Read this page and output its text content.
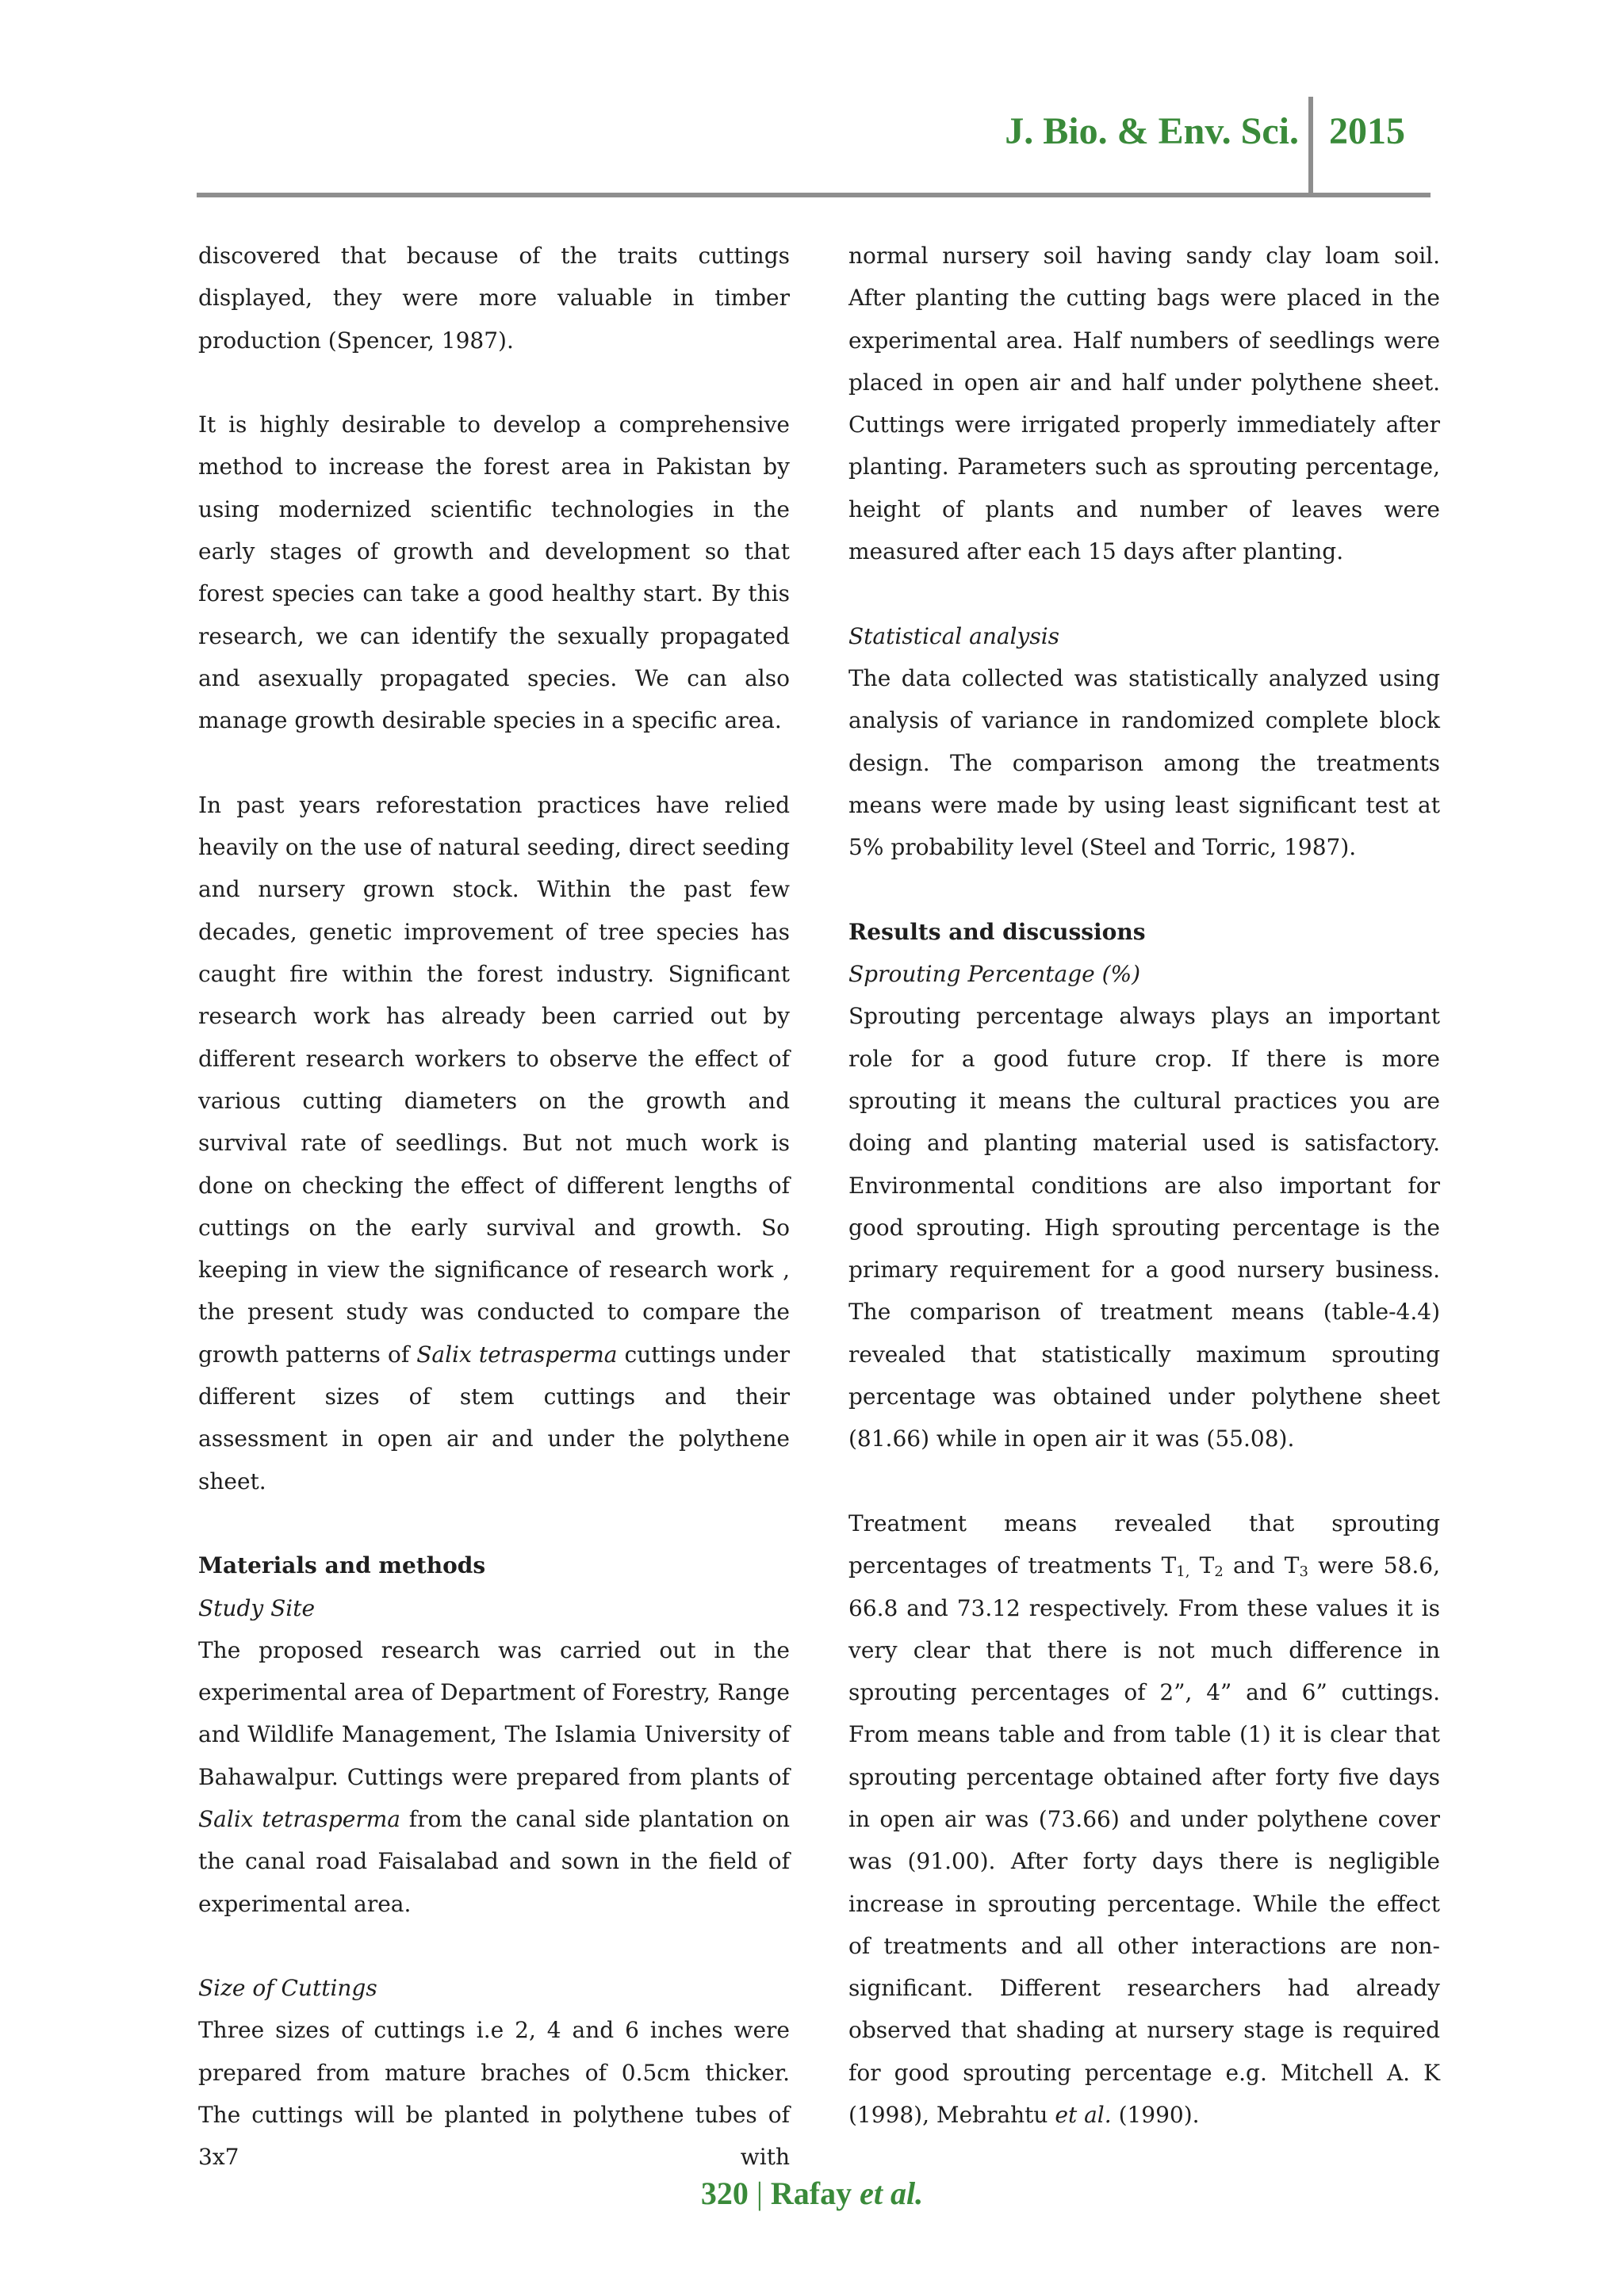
J. Bio. & Env. Sci. 2015

discovered that because of the traits cuttings displayed, they were more valuable in timber production (Spencer, 1987).

It is highly desirable to develop a comprehensive method to increase the forest area in Pakistan by using modernized scientific technologies in the early stages of growth and development so that forest species can take a good healthy start. By this research, we can identify the sexually propagated and asexually propagated species. We can also manage growth desirable species in a specific area.

In past years reforestation practices have relied heavily on the use of natural seeding, direct seeding and nursery grown stock. Within the past few decades, genetic improvement of tree species has caught fire within the forest industry. Significant research work has already been carried out by different research workers to observe the effect of various cutting diameters on the growth and survival rate of seedlings. But not much work is done on checking the effect of different lengths of cuttings on the early survival and growth. So keeping in view the significance of research work , the present study was conducted to compare the growth patterns of Salix tetrasperma cuttings under different sizes of stem cuttings and their assessment in open air and under the polythene sheet.

Materials and methods

Study Site

The proposed research was carried out in the experimental area of Department of Forestry, Range and Wildlife Management, The Islamia University of Bahawalpur. Cuttings were prepared from plants of Salix tetrasperma from the canal side plantation on the canal road Faisalabad and sown in the field of experimental area.

Size of Cuttings

Three sizes of cuttings i.e 2, 4 and 6 inches were prepared from mature braches of 0.5cm thicker. The cuttings will be planted in polythene tubes of 3x7 with

normal nursery soil having sandy clay loam soil. After planting the cutting bags were placed in the experimental area. Half numbers of seedlings were placed in open air and half under polythene sheet. Cuttings were irrigated properly immediately after planting. Parameters such as sprouting percentage, height of plants and number of leaves were measured after each 15 days after planting.

Statistical analysis

The data collected was statistically analyzed using analysis of variance in randomized complete block design. The comparison among the treatments means were made by using least significant test at 5% probability level (Steel and Torric, 1987).

Results and discussions

Sprouting Percentage (%)

Sprouting percentage always plays an important role for a good future crop. If there is more sprouting it means the cultural practices you are doing and planting material used is satisfactory. Environmental conditions are also important for good sprouting. High sprouting percentage is the primary requirement for a good nursery business. The comparison of treatment means (table-4.4) revealed that statistically maximum sprouting percentage was obtained under polythene sheet (81.66) while in open air it was (55.08).

Treatment means revealed that sprouting percentages of treatments $T_{1,}$ $T_2$ and $T_3$ were 58.6, 66.8 and 73.12 respectively. From these values it is very clear that there is not much difference in sprouting percentages of 2”, 4” and 6” cuttings. From means table and from table (1) it is clear that sprouting percentage obtained after forty five days in open air was (73.66) and under polythene cover was (91.00). After forty days there is negligible increase in sprouting percentage. While the effect of treatments and all other interactions are non-significant. Different researchers had already observed that shading at nursery stage is required for good sprouting percentage e.g. Mitchell A. K (1998), Mebrahtu et al. (1990).

320 | Rafay et al.
